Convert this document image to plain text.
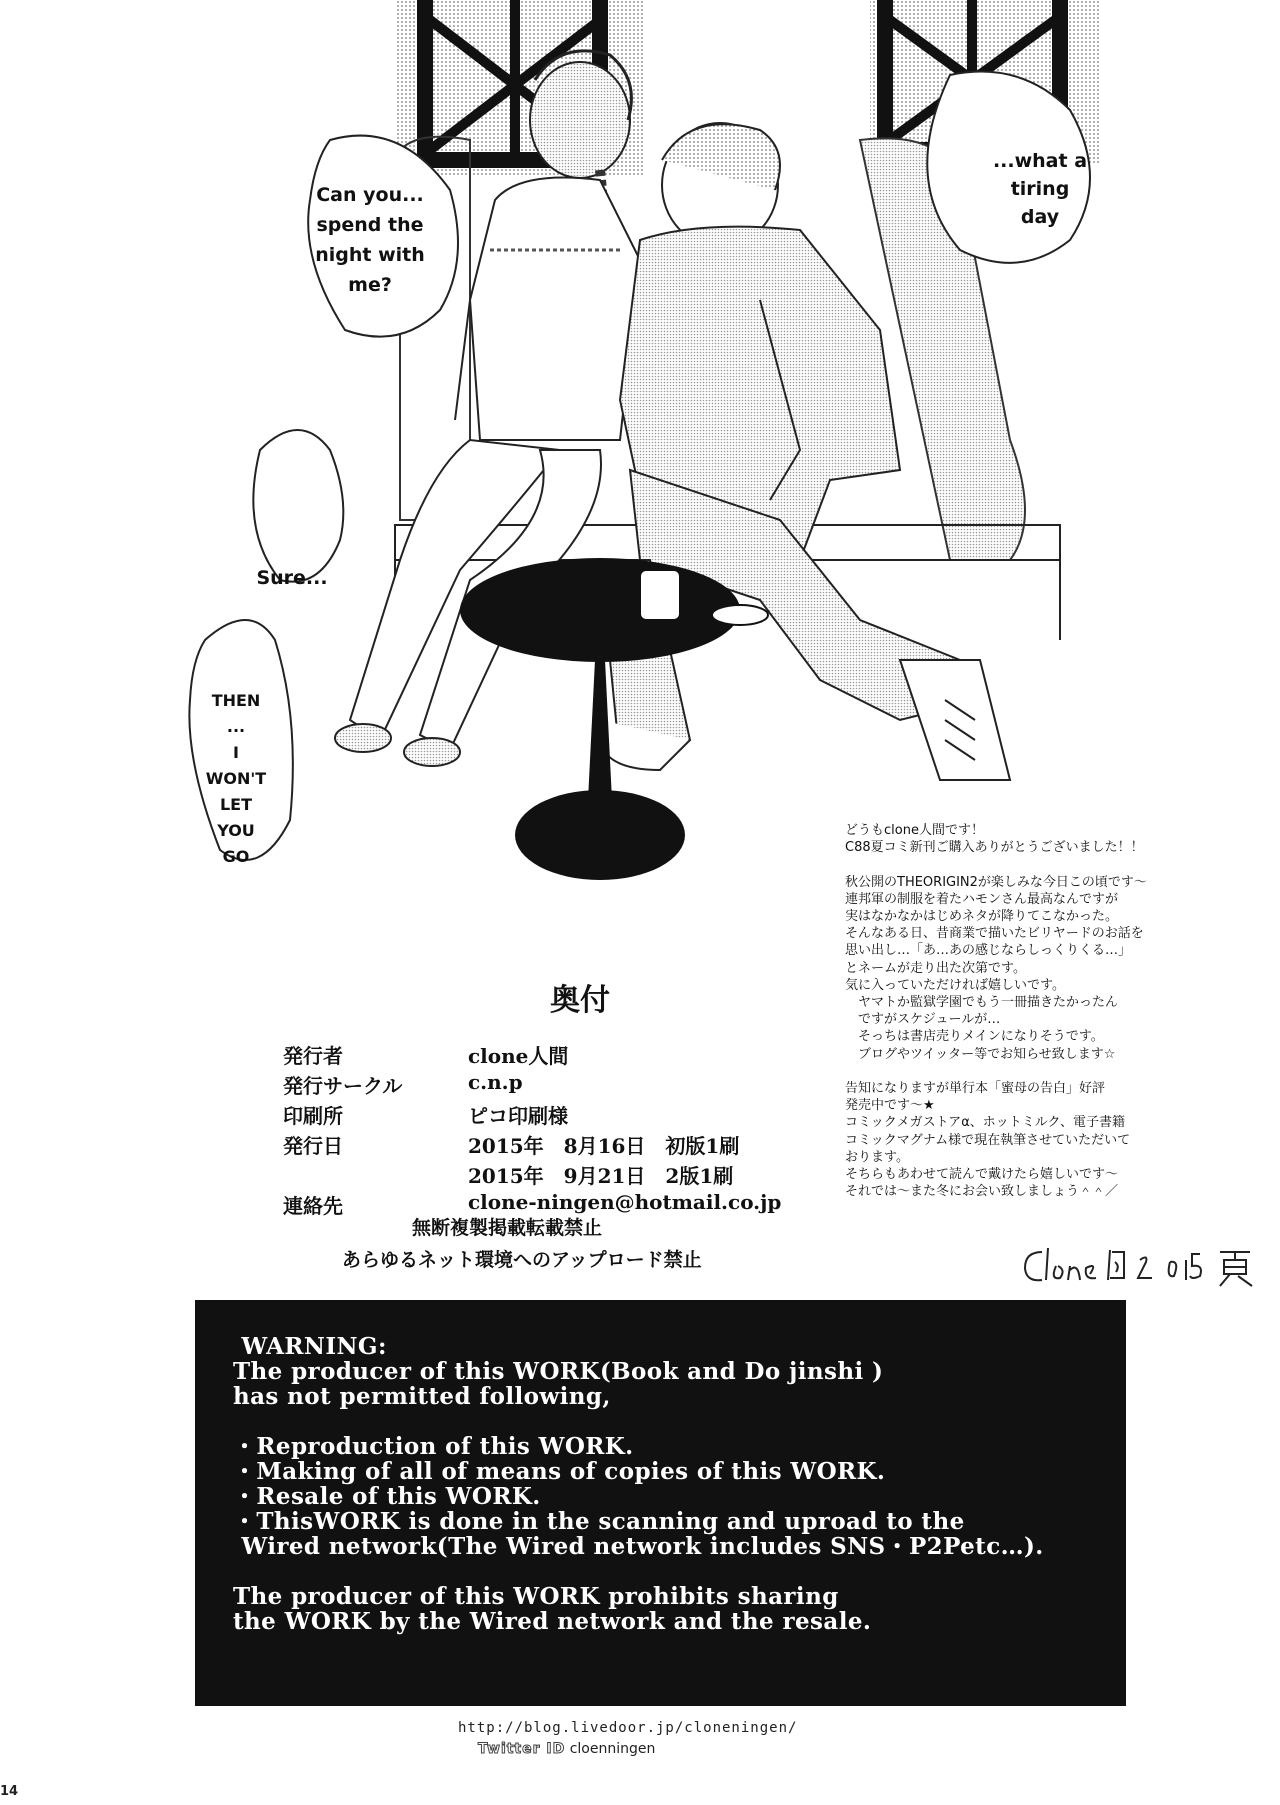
...what a
tiring day
Can you...
spend the
night with
me?
Sure...
THEN
...
I
WON'T
LET
YOU
GO
奥付
発行者	clone人間
発行サークル	c.n.p
印刷所	ピコ印刷様
発行日	2015年　8月16日　初版1刷
2015年　9月21日　2版1刷
連絡先	clone-ningen@hotmail.co.jp
無断複製掲載転載禁止
あらゆるネット環境へのアップロード禁止
どうもclone人間です！
C88夏コミ新刊ご購入ありがとうございました！！

秋公開のTHEORIGIN2が楽しみな今日この頃です～
連邦軍の制服を着たハモンさん最高なんですが
実はなかなかはじめネタが降りてこなかった。
そんなある日、昔商業で描いたビリヤードのお話を
思い出し…「あ…あの感じならしっくりくる…」
とネームが走り出た次第です。
気に入っていただければ嬉しいです。
　ヤマトか監獄学園でもう一冊描きたかったん
　ですがスケジュールが…
　そっちは書店売りメインになりそうです。
　ブログやツイッター等でお知らせ致します☆

告知になりますが単行本「蜜母の告白」好評
発売中です～★
コミックメガストアα、ホットミルク、電子書籍
コミックマグナム様で現在執筆させていただいて
おります。
そちらもあわせて読んで戴けたら嬉しいです～
それでは～また冬にお会い致しましょう＾＾／
WARNING:
The producer of this WORK(Book and Do jinshi )
has not permitted following,

・Reproduction of this WORK.
・Making of all of means of copies of this WORK.
・Resale of this WORK.
・ThisWORK is done in the scanning and uproad to the
Wired network(The Wired network includes SNS・P2Petc…).

The producer of this WORK prohibits sharing
the WORK by the Wired network and the resale.
http://blog.livedoor.jp/cloneningen/
Twitter ID cloenningen
14
